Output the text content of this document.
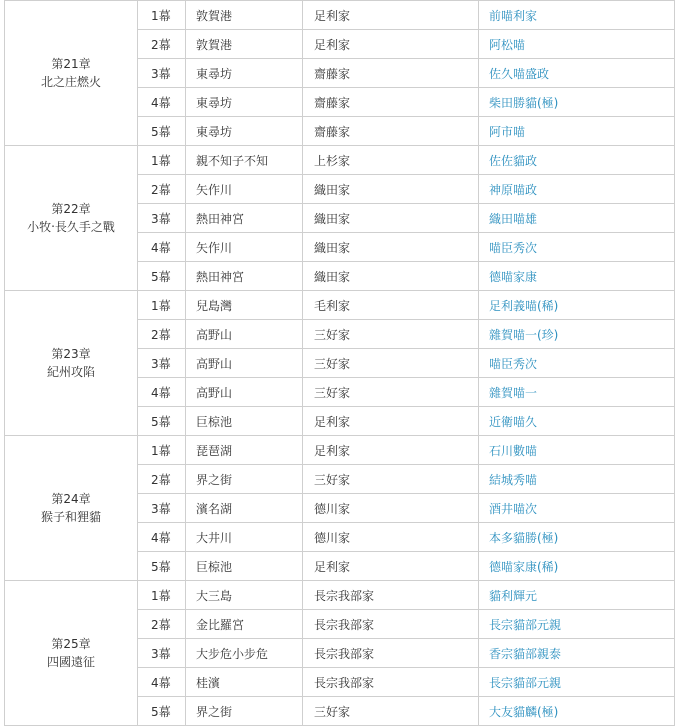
第21章
北之庄燃火	1幕	敦賀港	足利家	前喵利家
	2幕	敦賀港	足利家	阿松喵
	3幕	東尋坊	齋藤家	佐久喵盛政
	4幕	東尋坊	齋藤家	柴田勝貓(極)
	5幕	東尋坊	齋藤家	阿市喵

第22章
小牧‧長久手之戰	1幕	親不知子不知	上杉家	佐佐貓政
	2幕	矢作川	織田家	神原喵政
	3幕	熱田神宮	織田家	織田喵雄
	4幕	矢作川	織田家	喵臣秀次
	5幕	熱田神宮	織田家	德喵家康

第23章
紀州攻陷	1幕	兒島灣	毛利家	足利義喵(稀)
	2幕	高野山	三好家	雜賀喵一(珍)
	3幕	高野山	三好家	喵臣秀次
	4幕	高野山	三好家	雜賀喵一
	5幕	巨椋池	足利家	近衛喵久

第24章
猴子和狸貓	1幕	琵琶湖	足利家	石川數喵
	2幕	界之街	三好家	結城秀喵
	3幕	濱名湖	德川家	酒井喵次
	4幕	大井川	德川家	本多貓勝(極)
	5幕	巨椋池	足利家	德喵家康(稀)

第25章
四國遠征	1幕	大三島	長宗我部家	貓利輝元
	2幕	金比羅宮	長宗我部家	長宗貓部元親
	3幕	大步危小步危	長宗我部家	香宗貓部親泰
	4幕	桂濱	長宗我部家	長宗貓部元親
	5幕	界之街	三好家	大友貓麟(極)
